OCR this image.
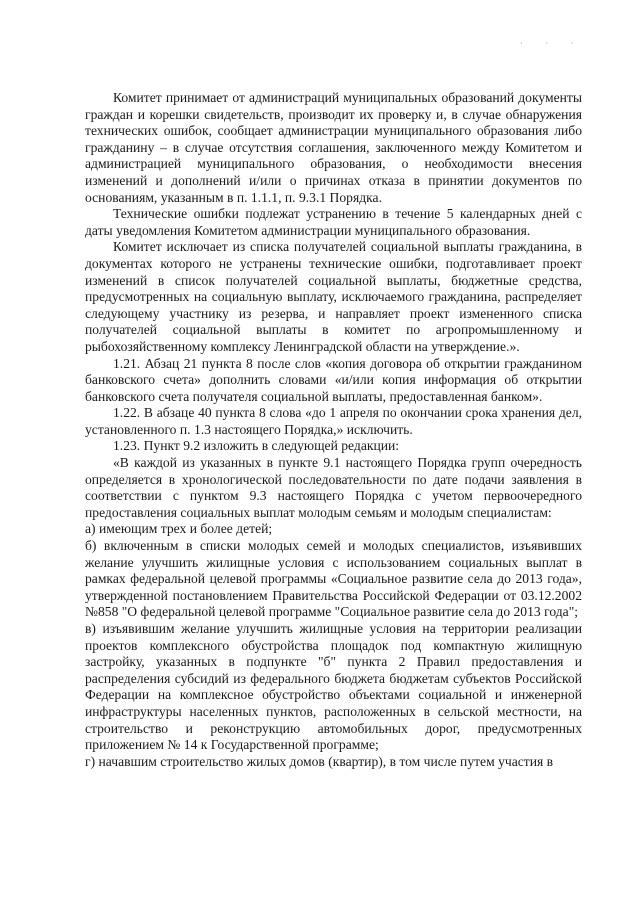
· · ·

Комитет принимает от администраций муниципальных образований документы граждан и корешки свидетельств, производит их проверку и, в случае обнаружения технических ошибок, сообщает администрации муниципального образования либо гражданину – в случае отсутствия соглашения, заключенного между Комитетом и администрацией муниципального образования, о необходимости внесения изменений и дополнений и/или о причинах отказа в принятии документов по основаниям, указанным в п. 1.1.1, п. 9.3.1 Порядка.

Технические ошибки подлежат устранению в течение 5 календарных дней с даты уведомления Комитетом администрации муниципального образования.

Комитет исключает из списка получателей социальной выплаты гражданина, в документах которого не устранены технические ошибки, подготавливает проект изменений в список получателей социальной выплаты, бюджетные средства, предусмотренных на социальную выплату, исключаемого гражданина, распределяет следующему участнику из резерва, и направляет проект измененного списка получателей социальной выплаты в комитет по агропромышленному и рыбохозяйственному комплексу Ленинградской области на утверждение.».

1.21. Абзац 21 пункта 8 после слов «копия договора об открытии гражданином банковского счета» дополнить словами «и/или копия информация об открытии банковского счета получателя социальной выплаты, предоставленная банком».

1.22. В абзаце 40 пункта 8 слова «до 1 апреля по окончании срока хранения дел, установленного п. 1.3 настоящего Порядка,» исключить.

1.23. Пункт 9.2 изложить в следующей редакции:

«В каждой из указанных в пункте 9.1 настоящего Порядка групп очередность определяется в хронологической последовательности по дате подачи заявления в соответствии с пунктом 9.3 настоящего Порядка с учетом первоочередного предоставления социальных выплат молодым семьям и молодым специалистам:

а) имеющим трех и более детей;

б) включенным в списки молодых семей и молодых специалистов, изъявивших желание улучшить жилищные условия с использованием социальных выплат в рамках федеральной целевой программы «Социальное развитие села до 2013 года», утвержденной постановлением Правительства Российской Федерации от 03.12.2002 №858 "О федеральной целевой программе "Социальное развитие села до 2013 года";

в) изъявившим желание улучшить жилищные условия на территории реализации проектов комплексного обустройства площадок под компактную жилищную застройку, указанных в подпункте "б" пункта 2 Правил предоставления и распределения субсидий из федерального бюджета бюджетам субъектов Российской Федерации на комплексное обустройство объектами социальной и инженерной инфраструктуры населенных пунктов, расположенных в сельской местности, на строительство и реконструкцию автомобильных дорог, предусмотренных приложением № 14 к Государственной программе;

г) начавшим строительство жилых домов (квартир), в том числе путем участия в
